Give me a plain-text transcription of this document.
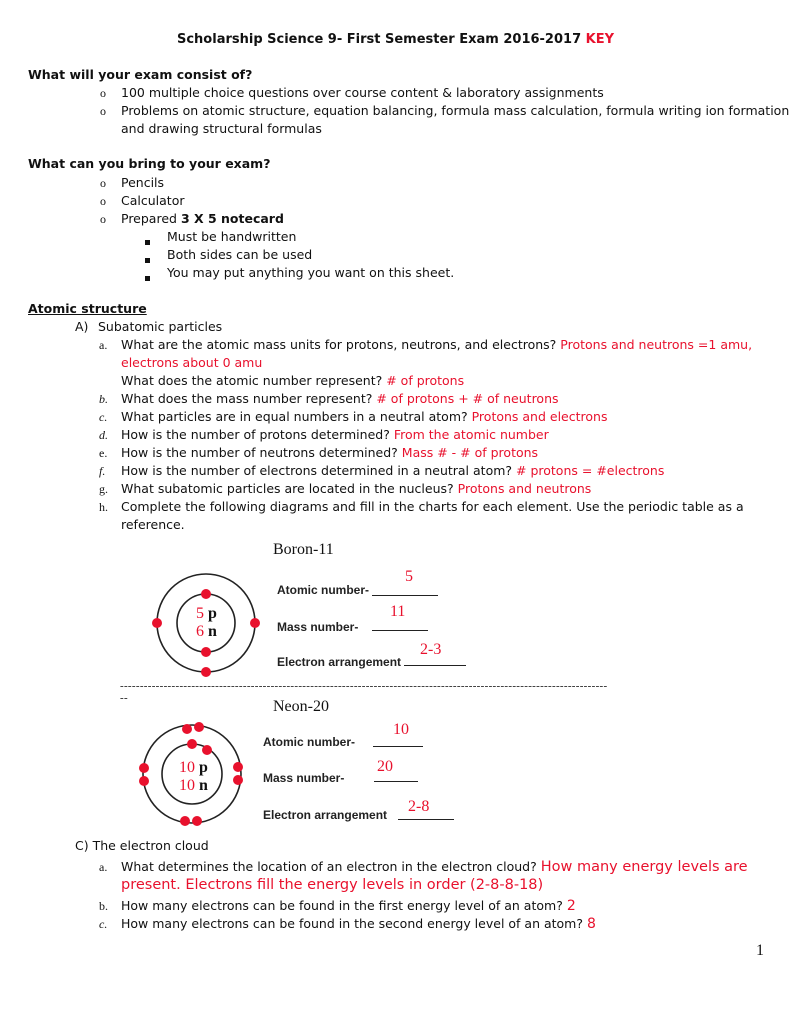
Scholarship Science 9- First Semester Exam 2016-2017 KEY
What will your exam consist of?
o 100 multiple choice questions over course content & laboratory assignments
o Problems on atomic structure, equation balancing, formula mass calculation, formula writing ion formation
and drawing structural formulas
What can you bring to your exam?
o Pencils
o Calculator
o Prepared 3 X 5 notecard
Must be handwritten
Both sides can be used
You may put anything you want on this sheet.
Atomic structure
A) Subatomic particles
a. What are the atomic mass units for protons, neutrons, and electrons? Protons and neutrons =1 amu,
electrons about 0 amu
What does the atomic number represent? # of protons
b. What does the mass number represent? # of protons + # of neutrons
c. What particles are in equal numbers in a neutral atom? Protons and electrons
d. How is the number of protons determined? From the atomic number
e. How is the number of neutrons determined? Mass # - # of protons
f. How is the number of electrons determined in a neutral atom? # protons = #electrons
g. What subatomic particles are located in the nucleus? Protons and neutrons
h. Complete the following diagrams and fill in the charts for each element. Use the periodic table as a
reference.
Boron-11
5 p
6 n
Atomic number-
5
Mass number-
11
Electron arrangement
2-3
-----------------------------------------------------------------------------------------------------------------------------	Neon-20
10 p
10 n
Atomic number-
10
Mass number-
20
Electron arrangement 2-8
C) The electron cloud
a. What determines the location of an electron in the electron cloud? How many energy levels are
present. Electrons fill the energy levels in order (2-8-8-18)
b. How many electrons can be found in the first energy level of an atom? 2
c. How many electrons can be found in the second energy level of an atom? 8
1
